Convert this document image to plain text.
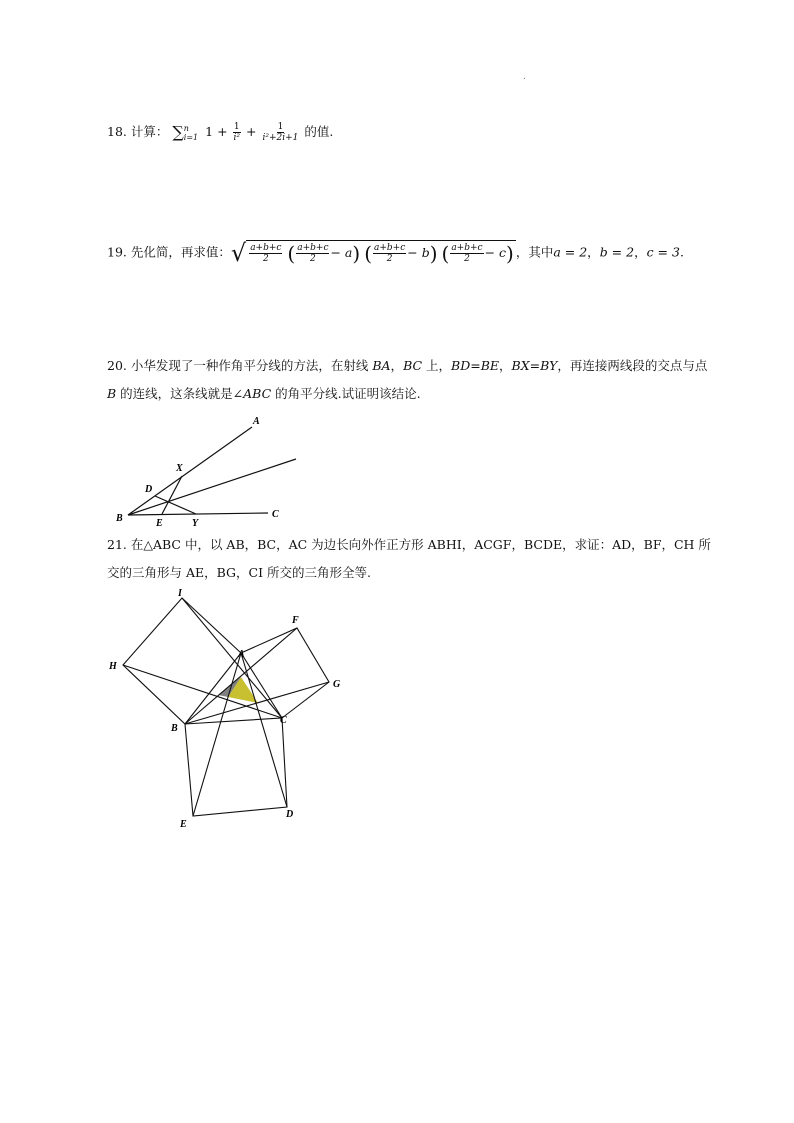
.
18. 计算： ∑ n
i=1 $1 + \frac{1}{\text{i²}} + \frac{1}{\text{i²+2i+1}}$ 的值.
19. 先化简，再求值：√ $\frac{a+b+c}{2}$ ( $\frac{a+b+c}{2} - a$) ( $\frac{a+b+c}{2} - b$) ( $\frac{a+b+c}{2} - c$) ，其中a = 2，b = 2，c = 3.
20. 小华发现了一种作角平分线的方法，在射线 BA，BC 上，BD=BE，BX=BY，再连接两线段的交点与点
B 的连线，这条线就是∠ABC 的角平分线.试证明该结论.
A
X
D
B	E	Y
C
21. 在△ABC 中，以 AB，BC，AC 为边长向外作正方形 ABHI，ACGF，BCDE，求证：AD，BF，CH 所
交的三角形与 AE，BG，CI 所交的三角形全等.
I
F
H
A
G
B
C
E
D
